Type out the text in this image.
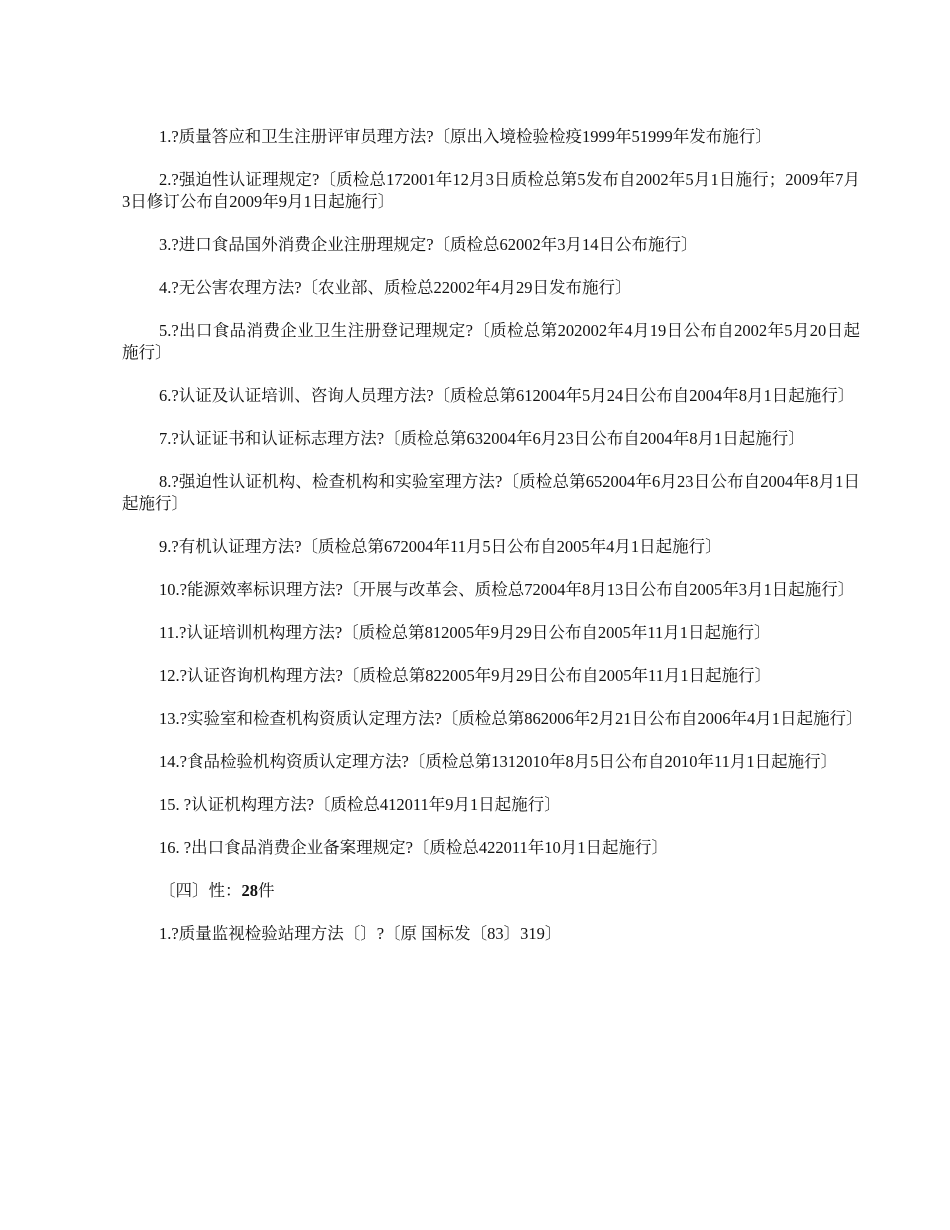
1.?质量答应和卫生注册评审员理方法?〔原出入境检验检疫1999年51999年发布施行〕

2.?强迫性认证理规定?〔质检总172001年12月3日质检总第5发布自2002年5月1日施行；2009年7月3日修订公布自2009年9月1日起施行〕

3.?进口食品国外消费企业注册理规定?〔质检总62002年3月14日公布施行〕

4.?无公害农理方法?〔农业部、质检总22002年4月29日发布施行〕

5.?出口食品消费企业卫生注册登记理规定?〔质检总第202002年4月19日公布自2002年5月20日起施行〕

6.?认证及认证培训、咨询人员理方法?〔质检总第612004年5月24日公布自2004年8月1日起施行〕

7.?认证证书和认证标志理方法?〔质检总第632004年6月23日公布自2004年8月1日起施行〕

8.?强迫性认证机构、检查机构和实验室理方法?〔质检总第652004年6月23日公布自2004年8月1日起施行〕

9.?有机认证理方法?〔质检总第672004年11月5日公布自2005年4月1日起施行〕

10.?能源效率标识理方法?〔开展与改革会、质检总72004年8月13日公布自2005年3月1日起施行〕

11.?认证培训机构理方法?〔质检总第812005年9月29日公布自2005年11月1日起施行〕

12.?认证咨询机构理方法?〔质检总第822005年9月29日公布自2005年11月1日起施行〕

13.?实验室和检查机构资质认定理方法?〔质检总第862006年2月21日公布自2006年4月1日起施行〕

14.?食品检验机构资质认定理方法?〔质检总第1312010年8月5日公布自2010年11月1日起施行〕

15. ?认证机构理方法?〔质检总412011年9月1日起施行〕

16. ?出口食品消费企业备案理规定?〔质检总422011年10月1日起施行〕

〔四〕性：28件

1.?质量监视检验站理方法〔〕?〔原 国标发〔83〕319〕
